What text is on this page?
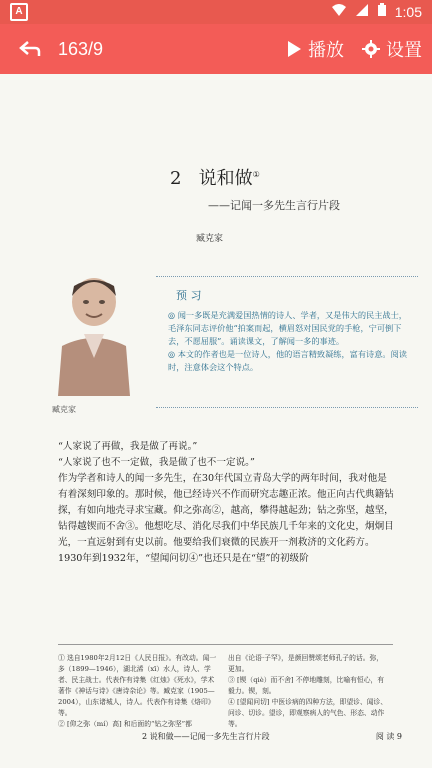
A	1:05
163/9	播放 设置
2 说和做①
——记闻一多先生言行片段
臧克家
臧克家
预 习
◎ 闻一多既是充满爱国热情的诗人、学者，又是伟大的民主战士，毛泽东同志评价他“拍案而起，横眉怒对国民党的手枪，宁可倒下去，不愿屈服”。诵读课文，了解闻一多的事迹。
◎ 本文的作者也是一位诗人，他的语言精致凝练，富有诗意。阅读时，注意体会这个特点。

“人家说了再做，我是做了再说。”

“人家说了也不一定做，我是做了也不一定说。”

作为学者和诗人的闻一多先生，在30年代国立青岛大学的两年时间，我对他是有着深刻印象的。那时候，他已经诗兴不作而研究志趣正浓。他正向古代典籍钻探，有如向地壳寻求宝藏。仰之弥高②，越高，攀得越起劲；钻之弥坚，越坚，钻得越锲而不舍③。他想吃尽、消化尽我们中华民族几千年来的文化史，炯炯目光，一直远射到有史以前。他要给我们衰微的民族开一剂救济的文化药方。1930年到1932年，“望闻问切④”也还只是在“望”的初级阶

① 选自1980年2月12日《人民日报》。有改动。闻一多（1899—1946），湖北浠（xī）水人，诗人、学者、民主战士。代表作有诗集《红烛》《死水》，学术著作《神话与诗》《唐诗杂论》等。臧克家（1905—2004），山东诸城人，诗人。代表作有诗集《烙印》等。
② [仰之弥（mí）高] 和后面的“钻之弥坚”都
出自《论语·子罕》，是颜回赞颂老师孔子的话。弥，更加。
③ [锲（qiè）而不舍] 不停地雕刻，比喻有恒心，有毅力。锲，刻。
④ [望闻问切] 中医诊病的四种方法，即望诊、闻诊、问诊、切诊。望诊，即观察病人的气色、形态、动作等。
2 说和做——记闻一多先生言行片段	阅 读 9
